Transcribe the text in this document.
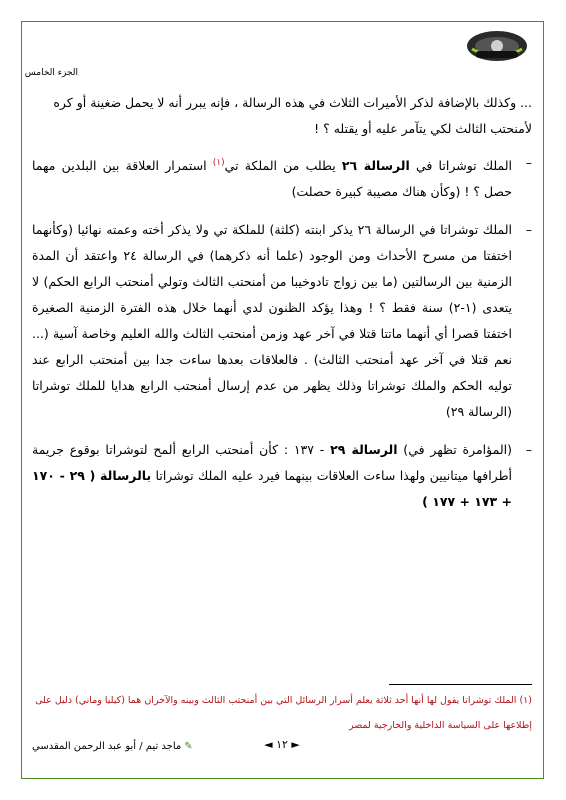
الجزء الخامس

... وكذلك بالإضافة لذكر الأميرات الثلاث في هذه الرسالة ، فإنه يبرر أنه لا يحمل ضغينة أو كره
لأمنحتب الثالث لكي يتآمر عليه أو يقتله ؟ !

–
الملك توشراتا في الرسالة ٢٦ يطلب من الملكة تي$^{(١)}$ استمرار العلاقة بين البلدين مهما حصل ؟ ! (وكأن هناك مصيبة كبيرة حصلت)
–
الملك توشراتا في الرسالة ٢٦ يذكر ابنته (كلثة) للملكة تي ولا يذكر أخته وعمته نهائيا (وكأنهما اختفتا من مسرح الأحداث ومن الوجود (علما أنه ذكرهما) في الرسالة ٢٤ واعتقد أن المدة الزمنية بين الرسالتين (ما بين زواج تادوخيبا من أمنحتب الثالث وتولي أمنحتب الرابع الحكم) لا يتعدى (١-٢) سنة فقط ؟ ! وهذا يؤكد الظنون لدي أنهما خلال هذه الفترة الزمنية الصغيرة اختفتا قصرا أي أنهما ماتتا قتلا في آخر عهد وزمن أمنحتب الثالث والله العليم وخاصة آسية (... نعم قتلا في آخر عهد أمنحتب الثالث) . فالعلاقات بعدها ساءت جدا بين أمنحتب الرابع عند توليه الحكم والملك توشراتا وذلك يظهر من عدم إرسال أمنحتب الرابع هدايا للملك توشراتا (الرسالة ٢٩)
–
(المؤامرة تظهر في) الرسالة ٢٩ - ١٣٧ : كأن أمنحتب الرابع ألمح لتوشراتا بوقوع جريمة أطرافها ميتانيين ولهذا ساءت العلاقات بينهما فيرد عليه الملك توشراتا بالرسالة ( ٢٩ - ١٧٠ + ١٧٣ + ١٧٧ )
(١) الملك توشراتا يقول لها أنها أحد ثلاثة يعلم أسرار الرسائل التي بين أمنحتب الثالث وبينه والآخران هما (كيليا وماني) دليل على إطلاعها على السياسة الداخلية والخارجية لمصر
✎ماجد تيم / أبو عبد الرحمن المقدسي	◄ ١٢ ►
